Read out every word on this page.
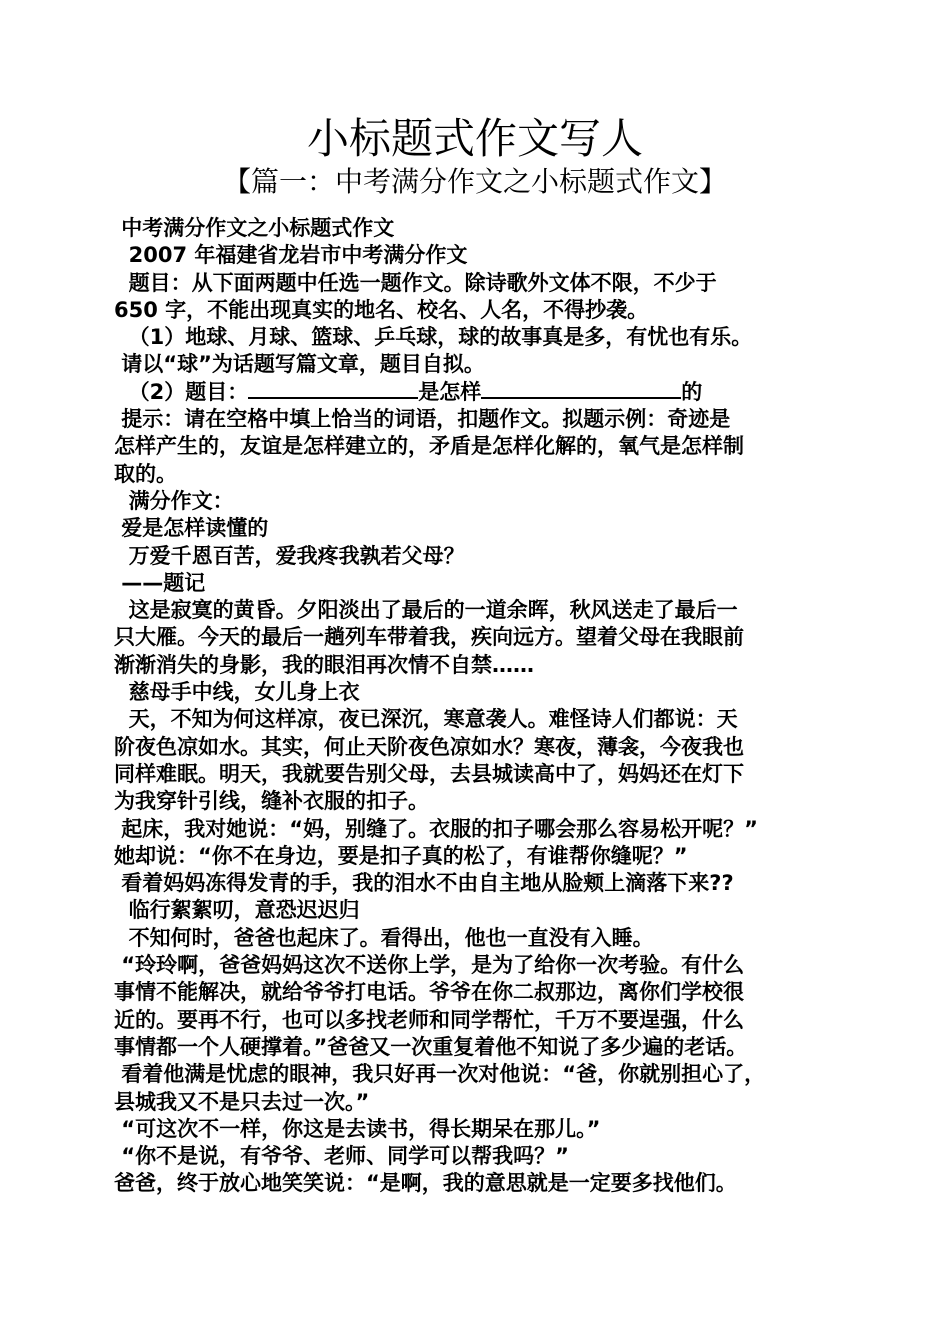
小标题式作文写人
【篇一：中考满分作文之小标题式作文】
中考满分作文之小标题式作文
2007 年福建省龙岩市中考满分作文
题目：从下面两题中任选一题作文。除诗歌外文体不限，不少于
650 字，不能出现真实的地名、校名、人名，不得抄袭。
（1）地球、月球、篮球、乒乓球，球的故事真是多，有忧也有乐。
请以“球”为话题写篇文章，题目自拟。
（2）题目：	是怎样	的
提示：请在空格中填上恰当的词语，扣题作文。拟题示例：奇迹是
怎样产生的，友谊是怎样建立的，矛盾是怎样化解的，氧气是怎样制
取的。
满分作文：
爱是怎样读懂的
万爱千恩百苦，爱我疼我孰若父母？
——题记
这是寂寞的黄昏。夕阳淡出了最后的一道余晖，秋风送走了最后一
只大雁。今天的最后一趟列车带着我，疾向远方。望着父母在我眼前
渐渐消失的身影，我的眼泪再次情不自禁……
慈母手中线，女儿身上衣
天，不知为何这样凉，夜已深沉，寒意袭人。难怪诗人们都说：天
阶夜色凉如水。其实，何止天阶夜色凉如水？寒夜，薄衾，今夜我也
同样难眠。明天，我就要告别父母，去县城读高中了，妈妈还在灯下
为我穿针引线，缝补衣服的扣子。
起床，我对她说：“妈，别缝了。衣服的扣子哪会那么容易松开呢？”
她却说：“你不在身边，要是扣子真的松了，有谁帮你缝呢？”
看着妈妈冻得发青的手，我的泪水不由自主地从脸颊上滴落下来??
临行絮絮叨，意恐迟迟归
不知何时，爸爸也起床了。看得出，他也一直没有入睡。
“玲玲啊，爸爸妈妈这次不送你上学，是为了给你一次考验。有什么
事情不能解决，就给爷爷打电话。爷爷在你二叔那边，离你们学校很
近的。要再不行，也可以多找老师和同学帮忙，千万不要逞强，什么
事情都一个人硬撑着。”爸爸又一次重复着他不知说了多少遍的老话。
看着他满是忧虑的眼神，我只好再一次对他说：“爸，你就别担心了，
县城我又不是只去过一次。”
“可这次不一样，你这是去读书，得长期呆在那儿。”
“你不是说，有爷爷、老师、同学可以帮我吗？”
爸爸，终于放心地笑笑说：“是啊，我的意思就是一定要多找他们。
